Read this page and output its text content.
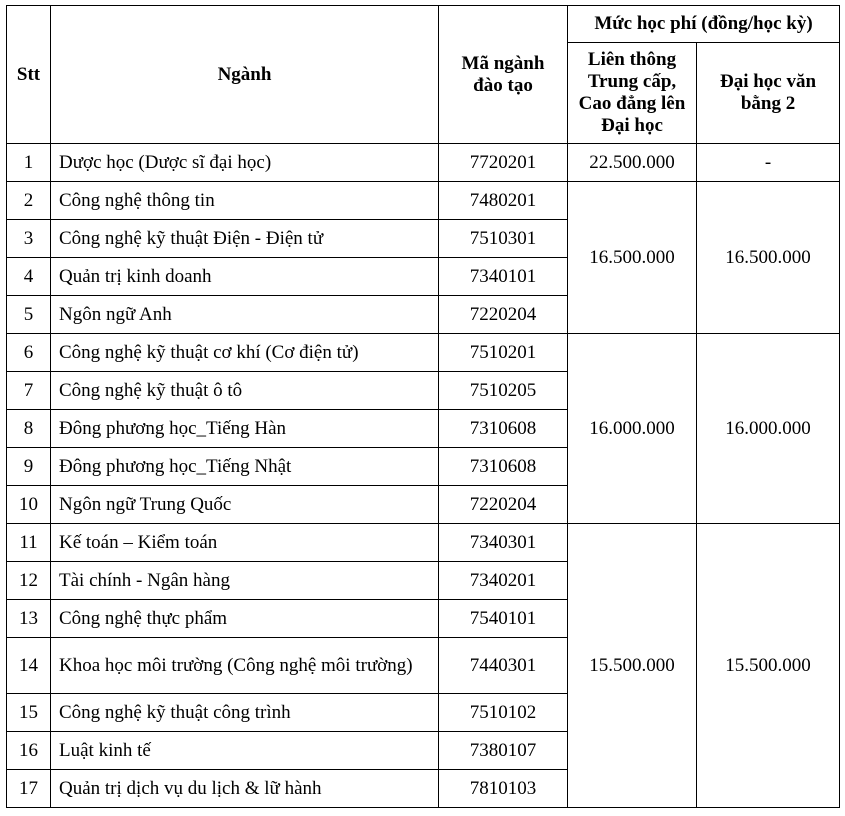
Stt	Ngành	Mã ngành đào tạo	Mức học phí (đồng/học kỳ)	
			Liên thông Trung cấp, Cao đẳng lên Đại học	Đại học văn bằng 2
1	Dược học (Dược sĩ đại học)	7720201	22.500.000	-
2	Công nghệ thông tin	7480201	16.500.000	16.500.000
3	Công nghệ kỹ thuật Điện - Điện tử	7510301		
4	Quản trị kinh doanh	7340101		
5	Ngôn ngữ Anh	7220204		
6	Công nghệ kỹ thuật cơ khí (Cơ điện tử)	7510201	16.000.000	16.000.000
7	Công nghệ kỹ thuật ô tô	7510205		
8	Đông phương học_Tiếng Hàn	7310608		
9	Đông phương học_Tiếng Nhật	7310608		
10	Ngôn ngữ Trung Quốc	7220204		
11	Kế toán – Kiểm toán	7340301	15.500.000	15.500.000
12	Tài chính - Ngân hàng	7340201		
13	Công nghệ thực phẩm	7540101		
14	Khoa học môi trường (Công nghệ môi trường)	7440301		
15	Công nghệ kỹ thuật công trình	7510102		
16	Luật kinh tế	7380107		
17	Quản trị dịch vụ du lịch & lữ hành	7810103		
